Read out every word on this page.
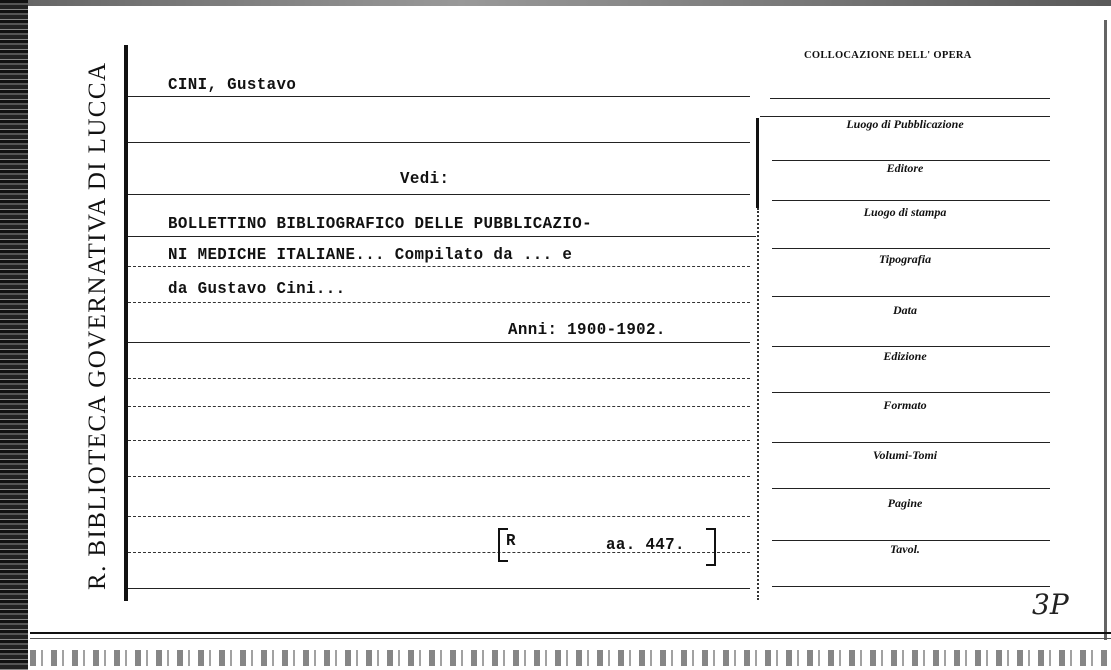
R. BIBLIOTECA GOVERNATIVA DI LUCCA	CINI, Gustavo
Vedi:
BOLLETTINO BIBLIOGRAFICO DELLE PUBBLICAZIO-
NI MEDICHE ITALIANE... Compilato da ... e
da Gustavo Cini...
Anni: 1900-1902.
R	aa. 447.
COLLOCAZIONE DELL' OPERA
Luogo di Pubblicazione
Editore
Luogo di stampa
Tipografia
Data
Edizione
Formato
Volumi-Tomi
Pagine
Tavol.
3P
